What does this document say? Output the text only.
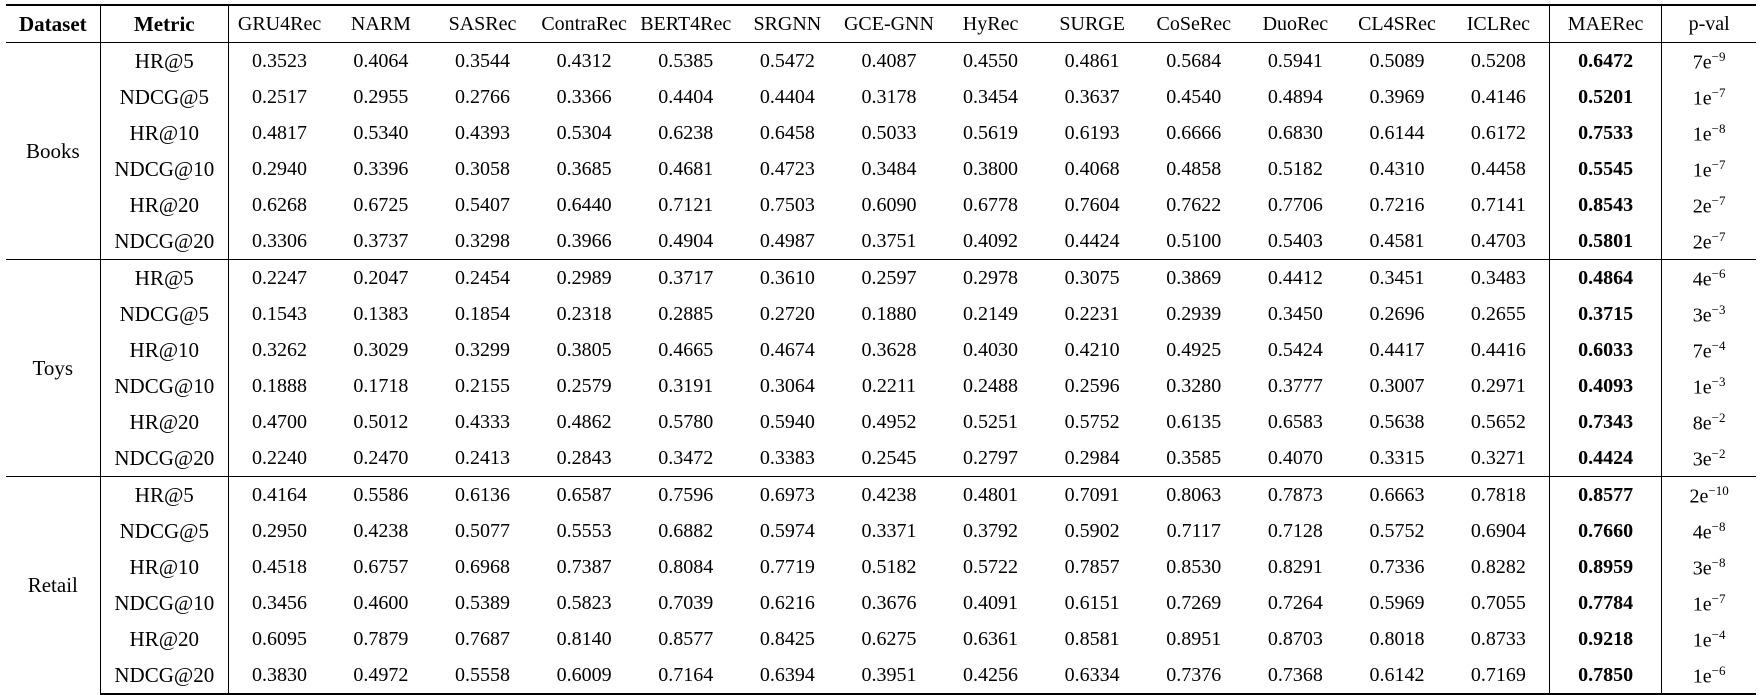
Dataset	Metric	GRU4Rec	NARM	SASRec	ContraRec	BERT4Rec	SRGNN	GCE-GNN	HyRec	SURGE	CoSeRec	DuoRec	CL4SRec	ICLRec	MAERec	p-val
Books	HR@5	0.3523	0.4064	0.3544	0.4312	0.5385	0.5472	0.4087	0.4550	0.4861	0.5684	0.5941	0.5089	0.5208	0.6472	$7e^{-9}$
	NDCG@5	0.2517	0.2955	0.2766	0.3366	0.4404	0.4404	0.3178	0.3454	0.3637	0.4540	0.4894	0.3969	0.4146	0.5201	$1e^{-7}$
	HR@10	0.4817	0.5340	0.4393	0.5304	0.6238	0.6458	0.5033	0.5619	0.6193	0.6666	0.6830	0.6144	0.6172	0.7533	$1e^{-8}$
	NDCG@10	0.2940	0.3396	0.3058	0.3685	0.4681	0.4723	0.3484	0.3800	0.4068	0.4858	0.5182	0.4310	0.4458	0.5545	$1e^{-7}$
	HR@20	0.6268	0.6725	0.5407	0.6440	0.7121	0.7503	0.6090	0.6778	0.7604	0.7622	0.7706	0.7216	0.7141	0.8543	$2e^{-7}$
	NDCG@20	0.3306	0.3737	0.3298	0.3966	0.4904	0.4987	0.3751	0.4092	0.4424	0.5100	0.5403	0.4581	0.4703	0.5801	$2e^{-7}$
Toys	HR@5	0.2247	0.2047	0.2454	0.2989	0.3717	0.3610	0.2597	0.2978	0.3075	0.3869	0.4412	0.3451	0.3483	0.4864	$4e^{-6}$
	NDCG@5	0.1543	0.1383	0.1854	0.2318	0.2885	0.2720	0.1880	0.2149	0.2231	0.2939	0.3450	0.2696	0.2655	0.3715	$3e^{-3}$
	HR@10	0.3262	0.3029	0.3299	0.3805	0.4665	0.4674	0.3628	0.4030	0.4210	0.4925	0.5424	0.4417	0.4416	0.6033	$7e^{-4}$
	NDCG@10	0.1888	0.1718	0.2155	0.2579	0.3191	0.3064	0.2211	0.2488	0.2596	0.3280	0.3777	0.3007	0.2971	0.4093	$1e^{-3}$
	HR@20	0.4700	0.5012	0.4333	0.4862	0.5780	0.5940	0.4952	0.5251	0.5752	0.6135	0.6583	0.5638	0.5652	0.7343	$8e^{-2}$
	NDCG@20	0.2240	0.2470	0.2413	0.2843	0.3472	0.3383	0.2545	0.2797	0.2984	0.3585	0.4070	0.3315	0.3271	0.4424	$3e^{-2}$
Retail	HR@5	0.4164	0.5586	0.6136	0.6587	0.7596	0.6973	0.4238	0.4801	0.7091	0.8063	0.7873	0.6663	0.7818	0.8577	$2e^{-10}$
	NDCG@5	0.2950	0.4238	0.5077	0.5553	0.6882	0.5974	0.3371	0.3792	0.5902	0.7117	0.7128	0.5752	0.6904	0.7660	$4e^{-8}$
	HR@10	0.4518	0.6757	0.6968	0.7387	0.8084	0.7719	0.5182	0.5722	0.7857	0.8530	0.8291	0.7336	0.8282	0.8959	$3e^{-8}$
	NDCG@10	0.3456	0.4600	0.5389	0.5823	0.7039	0.6216	0.3676	0.4091	0.6151	0.7269	0.7264	0.5969	0.7055	0.7784	$1e^{-7}$
	HR@20	0.6095	0.7879	0.7687	0.8140	0.8577	0.8425	0.6275	0.6361	0.8581	0.8951	0.8703	0.8018	0.8733	0.9218	$1e^{-4}$
	NDCG@20	0.3830	0.4972	0.5558	0.6009	0.7164	0.6394	0.3951	0.4256	0.6334	0.7376	0.7368	0.6142	0.7169	0.7850	$1e^{-6}$
